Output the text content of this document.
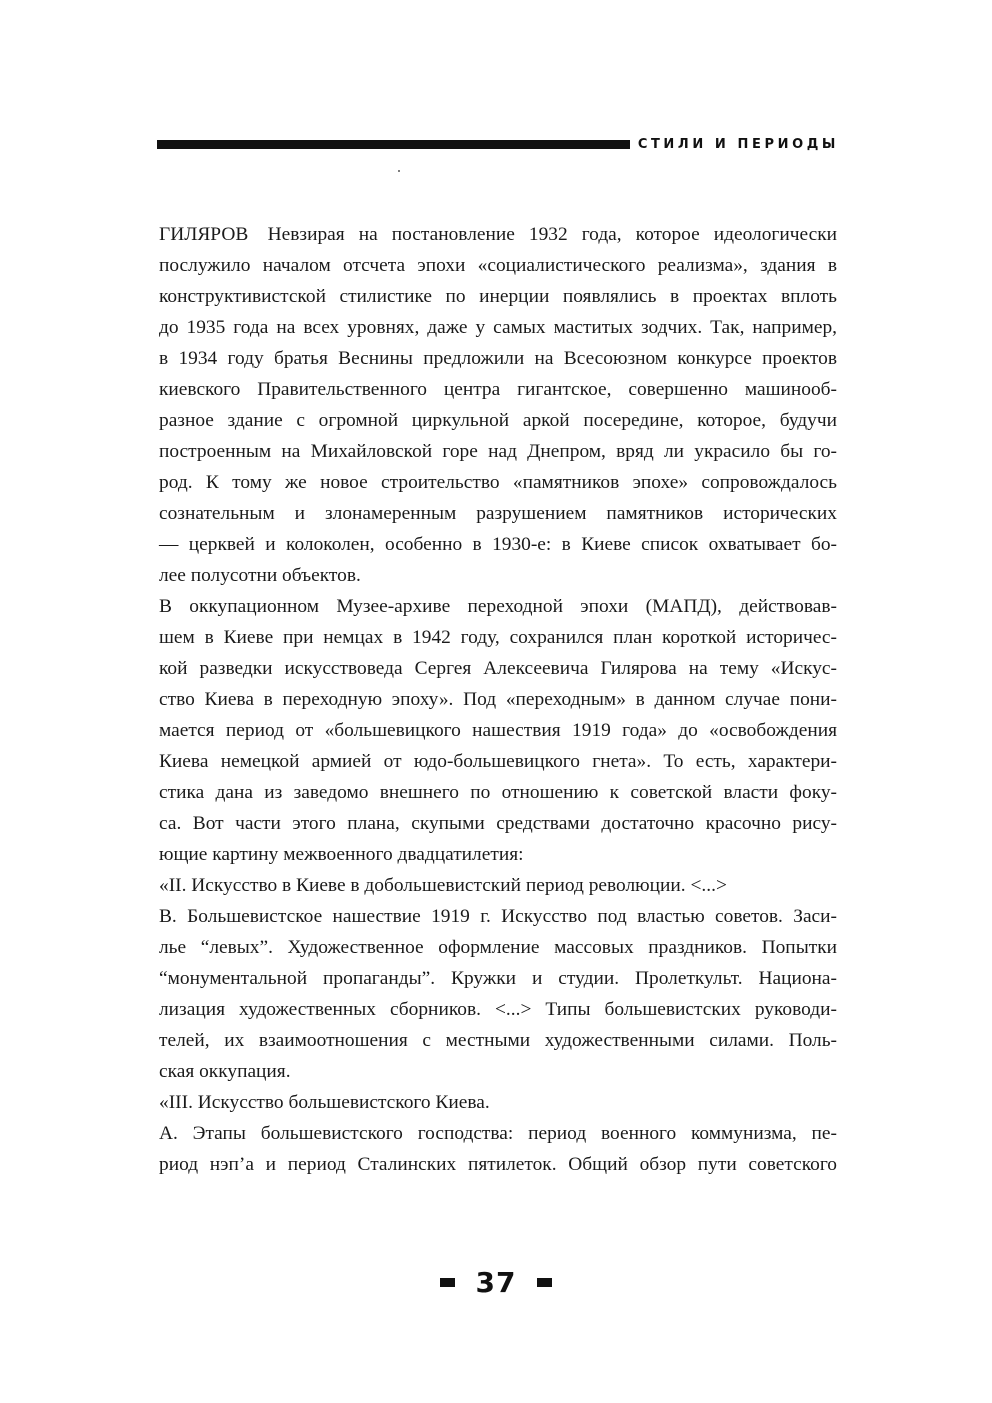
СТИЛИ И ПЕРИОДЫ
ГИЛЯРОВ Невзирая на постановление 1932 года, которое идеологически
послужило началом отсчета эпохи «социалистического реализма», здания в
конструктивистской стилистике по инерции появлялись в проектах вплоть
до 1935 года на всех уровнях, даже у самых маститых зодчих. Так, например,
в 1934 году братья Веснины предложили на Всесоюзном конкурсе проектов
киевского Правительственного центра гигантское, совершенно машинооб-
разное здание с огромной циркульной аркой посередине, которое, будучи
построенным на Михайловской горе над Днепром, вряд ли украсило бы го-
род. К тому же новое строительство «памятников эпохе» сопровождалось
сознательным и злонамеренным разрушением памятников исторических
— церквей и колоколен, особенно в 1930-е: в Киеве список охватывает бо-
лее полусотни объектов.
В оккупационном Музее-архиве переходной эпохи (МАПД), действовав-
шем в Киеве при немцах в 1942 году, сохранился план короткой историчес-
кой разведки искусствоведа Сергея Алексеевича Гилярова на тему «Искус-
ство Киева в переходную эпоху». Под «переходным» в данном случае пони-
мается период от «большевицкого нашествия 1919 года» до «освобождения
Киева немецкой армией от юдо-большевицкого гнета». То есть, характери-
стика дана из заведомо внешнего по отношению к советской власти фоку-
са. Вот части этого плана, скупыми средствами достаточно красочно рису-
ющие картину межвоенного двадцатилетия:
«II. Искусство в Киеве в добольшевистский период революции. <...>
B. Большевистское нашествие 1919 г. Искусство под властью советов. Заси-
лье “левых”. Художественное оформление массовых праздников. Попытки
“монументальной пропаганды”. Кружки и студии. Пролеткульт. Национа-
лизация художественных сборников. <...> Типы большевистских руководи-
телей, их взаимоотношения с местными художественными силами. Поль-
ская оккупация.
«III. Искусство большевистского Киева.
A. Этапы большевистского господства: период военного коммунизма, пе-
риод нэп’а и период Сталинских пятилеток. Общий обзор пути советского
37
